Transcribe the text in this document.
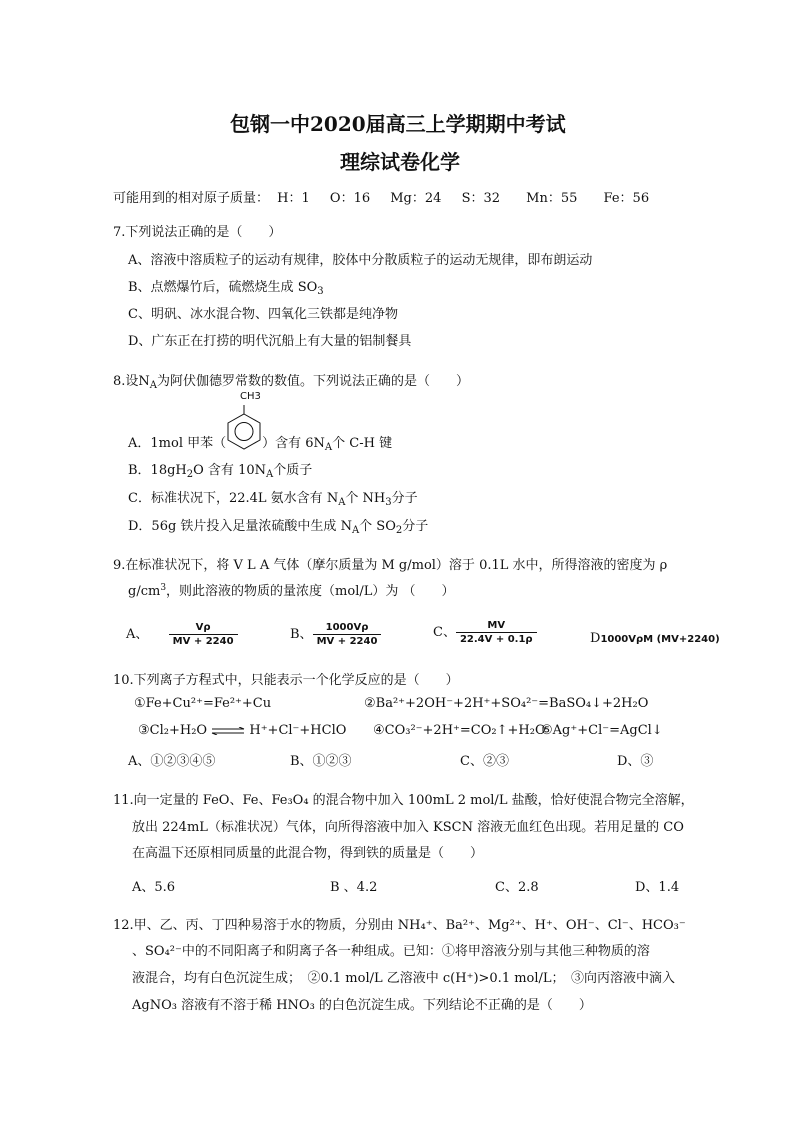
包钢一中2020届高三上学期期中考试
理综试卷化学
可能用到的相对原子质量： H：1 O：16 Mg：24 S：32 Mn：55 Fe：56
7.下列说法正确的是（　　）
A、溶液中溶质粒子的运动有规律，胶体中分散质粒子的运动无规律，即布朗运动
B、点燃爆竹后，硫燃烧生成 $SO_3$
C、明矾、冰水混合物、四氧化三铁都是纯净物
D、广东正在打捞的明代沉船上有大量的铝制餐具
8.设$N_A$为阿伏伽德罗常数的数值。下列说法正确的是（　　）
CH3
A．1mol 甲苯（	）含有 $6N_A$个 C-H 键
B．$18gH_2O$ 含有 $10N_A$个质子
C．标准状况下，22.4L 氨水含有 $N_A$个 $NH_3$分子
D．56g 铁片投入足量浓硫酸中生成 $N_A$个 $SO_2$分子
9.在标准状况下，将 V L A 气体（摩尔质量为 M g/mol）溶于 0.1L 水中，所得溶液的密度为 ρ
$g/cm^3$，则此溶液的物质的量浓度（mol/L）为 （　　）
A、 $\frac{V\rho}{MV + 2240}$	B、 $\frac{1000V\rho}{MV + 2240}$	C、 $\frac{MV}{22.4V + 0.1\rho}$	D1000VρM (MV+2240)
10.下列离子方程式中，只能表示一个化学反应的是（　　）
①Fe+Cu²⁺=Fe²⁺+Cu	②Ba²⁺+2OH⁻+2H⁺+SO₄²⁻=BaSO₄↓+2H₂O
③Cl₂+H₂O ⇌ H⁺+Cl⁻+HClO ④CO₃²⁻+2H⁺=CO₂↑+H₂O
⑤Ag⁺+Cl⁻=AgCl↓
A、①②③④⑤	B、①②③	C、②③	D、③
11.向一定量的 FeO、Fe、Fe₃O₄ 的混合物中加入 100mL 2 mol/L 盐酸，恰好使混合物完全溶解，
放出 224mL（标准状况）气体，向所得溶液中加入 KSCN 溶液无血红色出现。若用足量的 CO
在高温下还原相同质量的此混合物，得到铁的质量是（　　）
A、5.6	B 、4.2	C、2.8	D、1.4
12.甲、乙、丙、丁四种易溶于水的物质，分别由 NH₄⁺、Ba²⁺、Mg²⁺、H⁺、OH⁻、Cl⁻、HCO₃⁻
、SO₄²⁻中的不同阳离子和阴离子各一种组成。已知：①将甲溶液分别与其他三种物质的溶
液混合，均有白色沉淀生成；　②0.1 mol/L 乙溶液中 c(H⁺)>0.1 mol/L；　③向丙溶液中滴入
AgNO₃ 溶液有不溶于稀 HNO₃ 的白色沉淀生成。下列结论不正确的是（　　）
